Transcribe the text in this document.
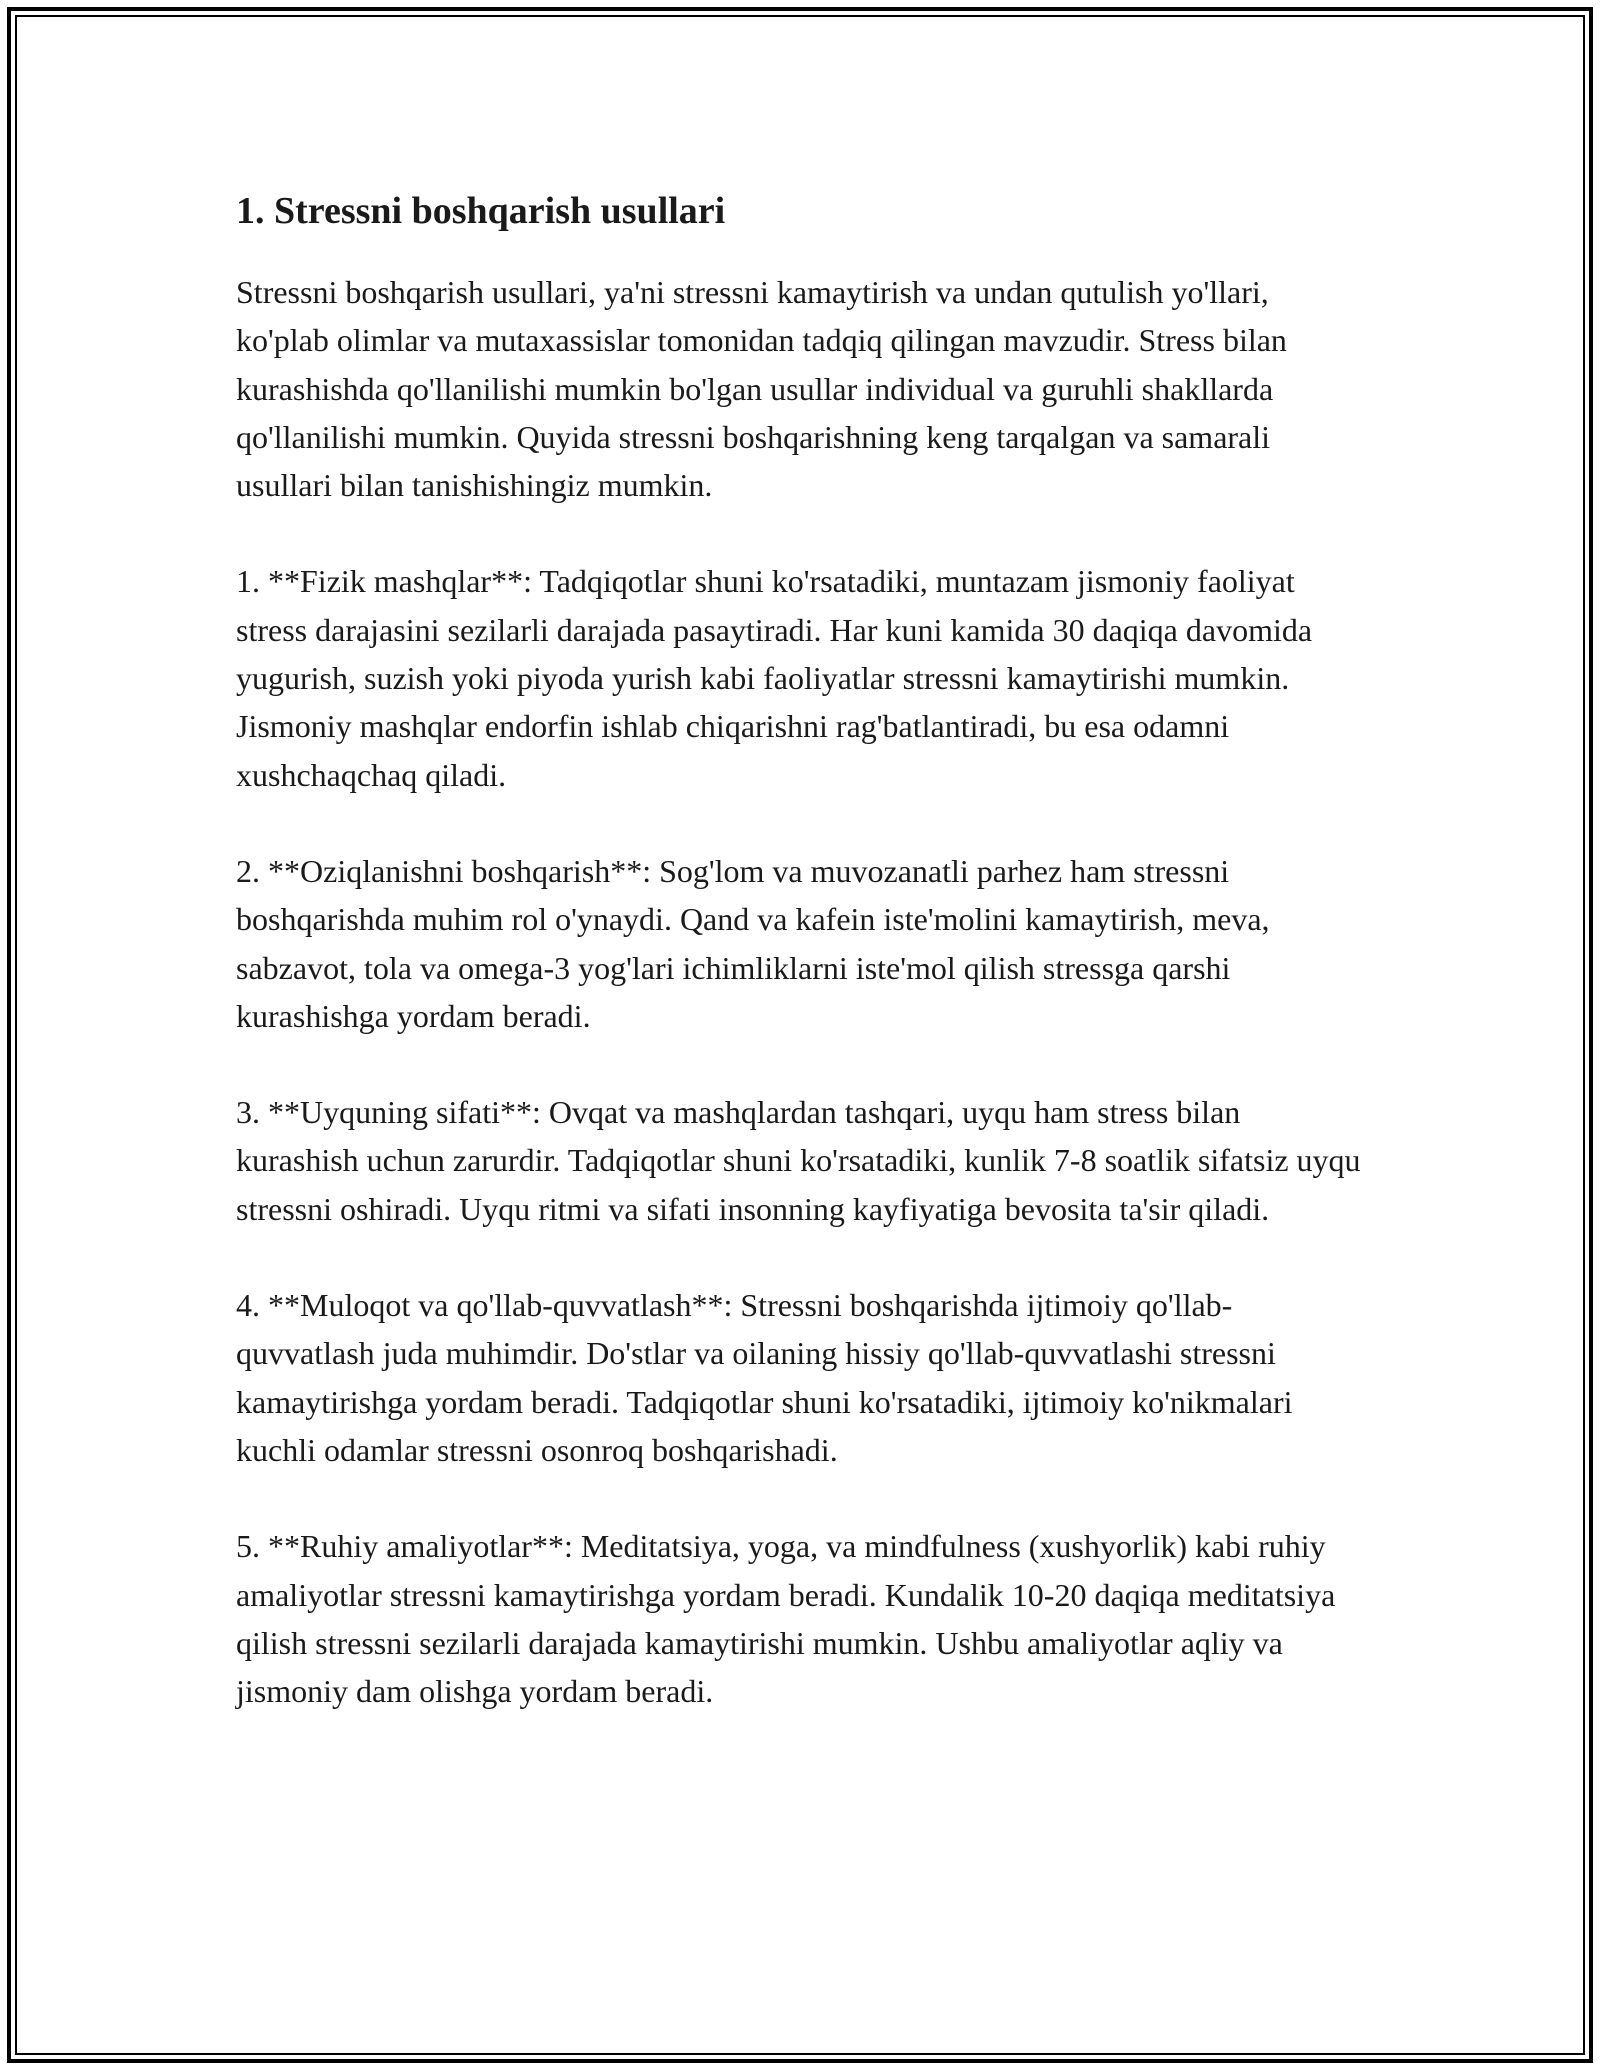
1. Stressni boshqarish usullari

Stressni boshqarish usullari, ya'ni stressni kamaytirish va undan qutulish yo'llari, ko'plab olimlar va mutaxassislar tomonidan tadqiq qilingan mavzudir. Stress bilan kurashishda qo'llanilishi mumkin bo'lgan usullar individual va guruhli shakllarda qo'llanilishi mumkin. Quyida stressni boshqarishning keng tarqalgan va samarali usullari bilan tanishishingiz mumkin.

1. **Fizik mashqlar**: Tadqiqotlar shuni ko'rsatadiki, muntazam jismoniy faoliyat stress darajasini sezilarli darajada pasaytiradi. Har kuni kamida 30 daqiqa davomida yugurish, suzish yoki piyoda yurish kabi faoliyatlar stressni kamaytirishi mumkin. Jismoniy mashqlar endorfin ishlab chiqarishni rag'batlantiradi, bu esa odamni xushchaqchaq qiladi.

2. **Oziqlanishni boshqarish**: Sog'lom va muvozanatli parhez ham stressni boshqarishda muhim rol o'ynaydi. Qand va kafein iste'molini kamaytirish, meva, sabzavot, tola va omega-3 yog'lari ichimliklarni iste'mol qilish stressga qarshi kurashishga yordam beradi.

3. **Uyquning sifati**: Ovqat va mashqlardan tashqari, uyqu ham stress bilan kurashish uchun zarurdir. Tadqiqotlar shuni ko'rsatadiki, kunlik 7-8 soatlik sifatsiz uyqu stressni oshiradi. Uyqu ritmi va sifati insonning kayfiyatiga bevosita ta'sir qiladi.

4. **Muloqot va qo'llab-quvvatlash**: Stressni boshqarishda ijtimoiy qo'llab-quvvatlash juda muhimdir. Do'stlar va oilaning hissiy qo'llab-quvvatlashi stressni kamaytirishga yordam beradi. Tadqiqotlar shuni ko'rsatadiki, ijtimoiy ko'nikmalari kuchli odamlar stressni osonroq boshqarishadi.

5. **Ruhiy amaliyotlar**: Meditatsiya, yoga, va mindfulness (xushyorlik) kabi ruhiy amaliyotlar stressni kamaytirishga yordam beradi. Kundalik 10-20 daqiqa meditatsiya qilish stressni sezilarli darajada kamaytirishi mumkin. Ushbu amaliyotlar aqliy va jismoniy dam olishga yordam beradi.
